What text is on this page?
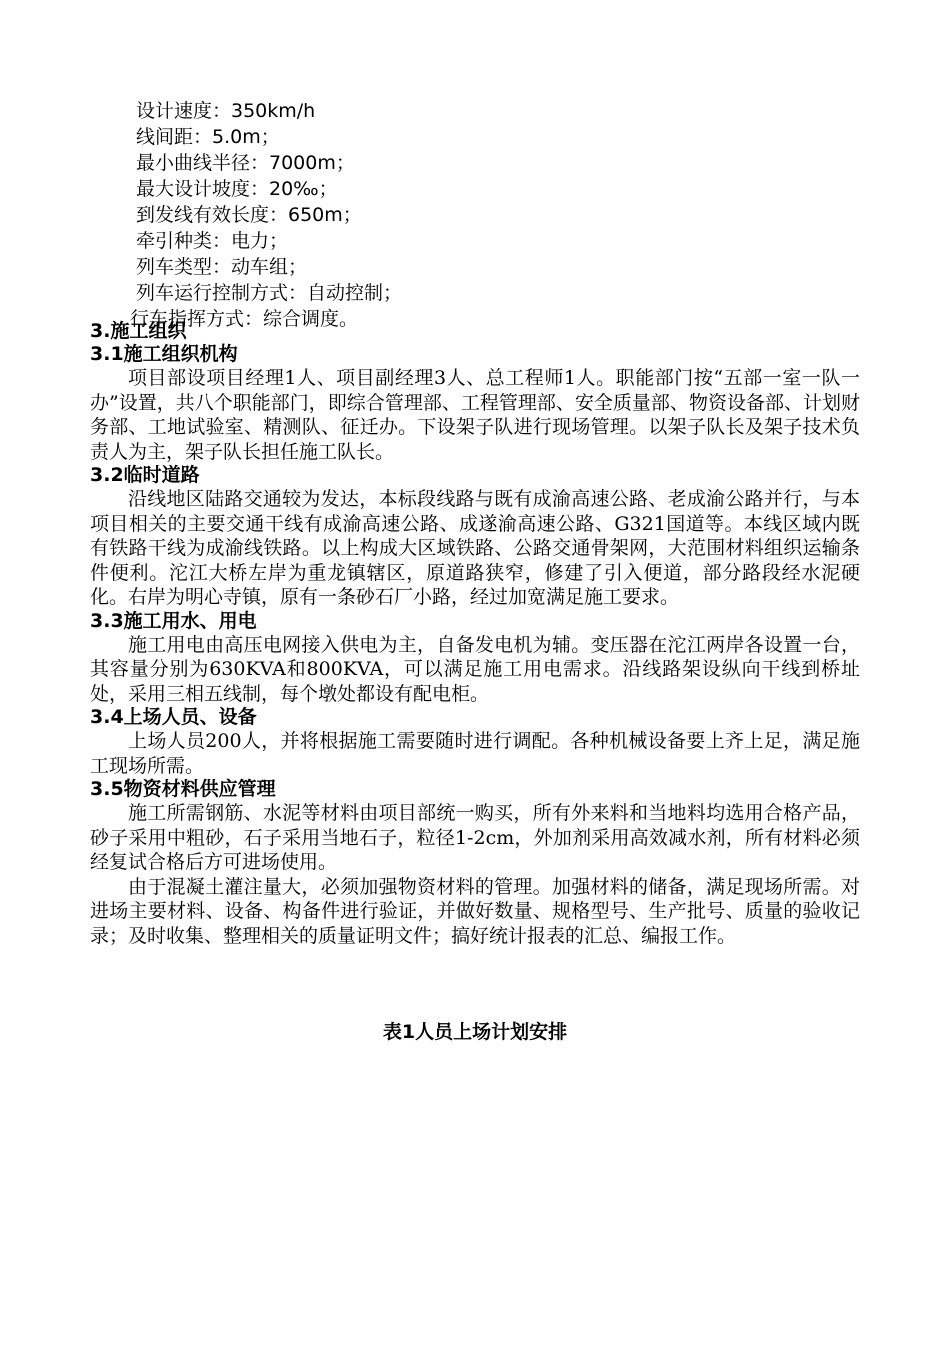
设计速度：350km/h
线间距：5.0m；
最小曲线半径：7000m；
最大设计坡度：20‰；
到发线有效长度：650m；
牵引种类：电力；
列车类型：动车组；
列车运行控制方式：自动控制；
行车指挥方式：综合调度。
3.施工组织
3.1施工组织机构

项目部设项目经理1人、项目副经理3人、总工程师1人。职能部门按“五部一室一队一办”设置，共八个职能部门，即综合管理部、工程管理部、安全质量部、物资设备部、计划财务部、工地试验室、精测队、征迁办。下设架子队进行现场管理。以架子队长及架子技术负责人为主，架子队长担任施工队长。

3.2临时道路

沿线地区陆路交通较为发达，本标段线路与既有成渝高速公路、老成渝公路并行，与本项目相关的主要交通干线有成渝高速公路、成遂渝高速公路、G321国道等。本线区域内既有铁路干线为成渝线铁路。以上构成大区域铁路、公路交通骨架网，大范围材料组织运输条件便利。沱江大桥左岸为重龙镇辖区，原道路狭窄，修建了引入便道，部分路段经水泥硬化。右岸为明心寺镇，原有一条砂石厂小路，经过加宽满足施工要求。

3.3施工用水、用电

施工用电由高压电网接入供电为主，自备发电机为辅。变压器在沱江两岸各设置一台，其容量分别为630KVA和800KVA，可以满足施工用电需求。沿线路架设纵向干线到桥址处，采用三相五线制，每个墩处都设有配电柜。

3.4上场人员、设备

上场人员200人，并将根据施工需要随时进行调配。各种机械设备要上齐上足，满足施工现场所需。

3.5物资材料供应管理

施工所需钢筋、水泥等材料由项目部统一购买，所有外来料和当地料均选用合格产品，砂子采用中粗砂，石子采用当地石子，粒径1-2cm，外加剂采用高效减水剂，所有材料必须经复试合格后方可进场使用。

由于混凝土灌注量大，必须加强物资材料的管理。加强材料的储备，满足现场所需。对进场主要材料、设备、构备件进行验证，并做好数量、规格型号、生产批号、质量的验收记录；及时收集、整理相关的质量证明文件；搞好统计报表的汇总、编报工作。

表1人员上场计划安排
